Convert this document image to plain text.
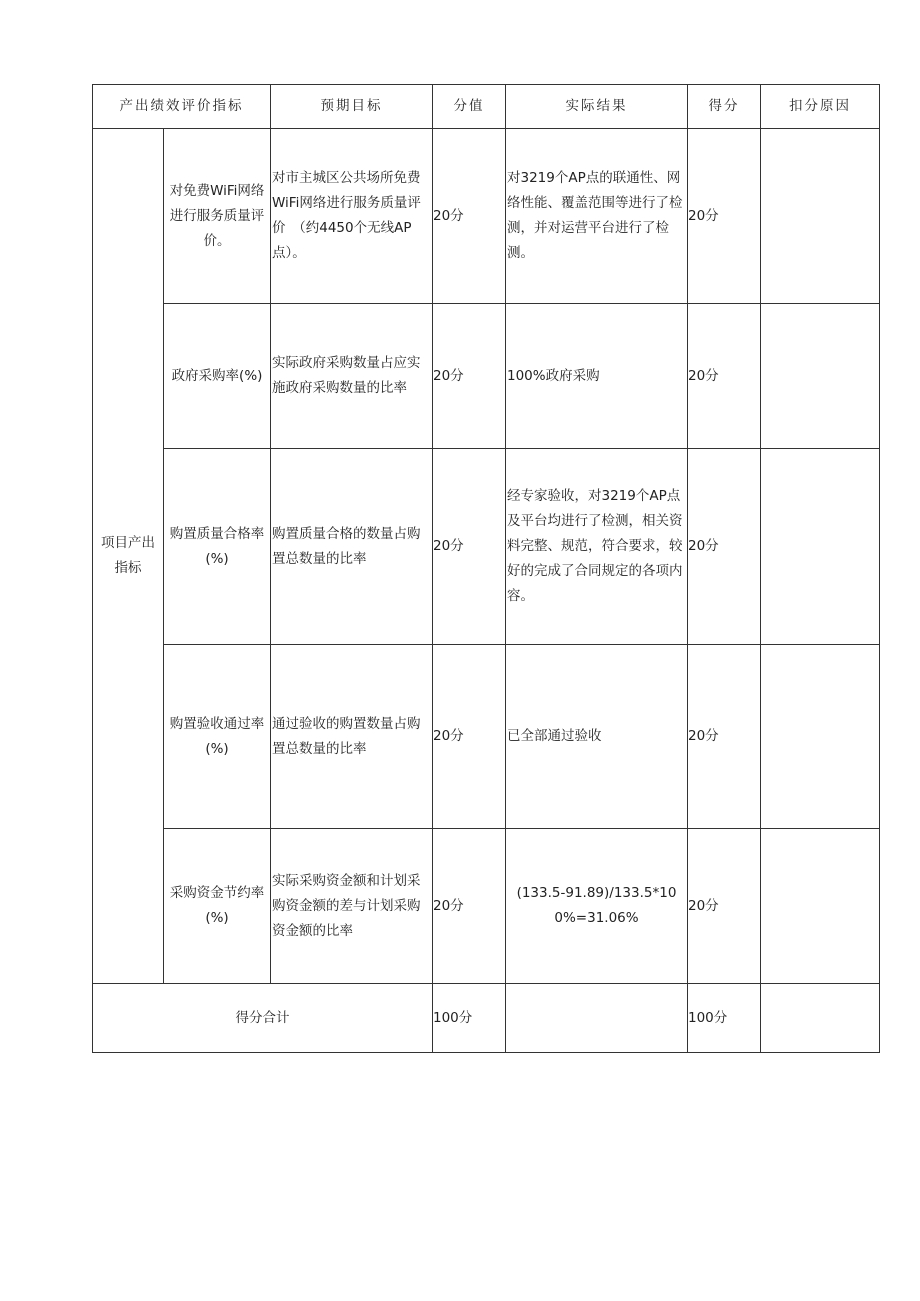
产出绩效评价指标		预期目标	分值	实际结果	得分	扣分原因
项目产出指标	对免费WiFi网络进行服务质量评价。	对市主城区公共场所免费WiFi网络进行服务质量评价　（约4450个无线AP点）。	20分	对3219个AP点的联通性、网络性能、覆盖范围等进行了检测，并对运营平台进行了检测。	20分	
	政府采购率(%)	实际政府采购数量占应实施政府采购数量的比率	20分	100%政府采购	20分	
	购置质量合格率(%)	购置质量合格的数量占购置总数量的比率	20分	经专家验收，对3219个AP点及平台均进行了检测，相关资料完整、规范，符合要求，较好的完成了合同规定的各项内容。	20分	
	购置验收通过率(%)	通过验收的购置数量占购置总数量的比率	20分	已全部通过验收	20分	
	采购资金节约率(%)	实际采购资金额和计划采购资金额的差与计划采购资金额的比率	20分	(133.5-91.89)/133.5*100%=31.06%	20分	
得分合计			100分		100分	
